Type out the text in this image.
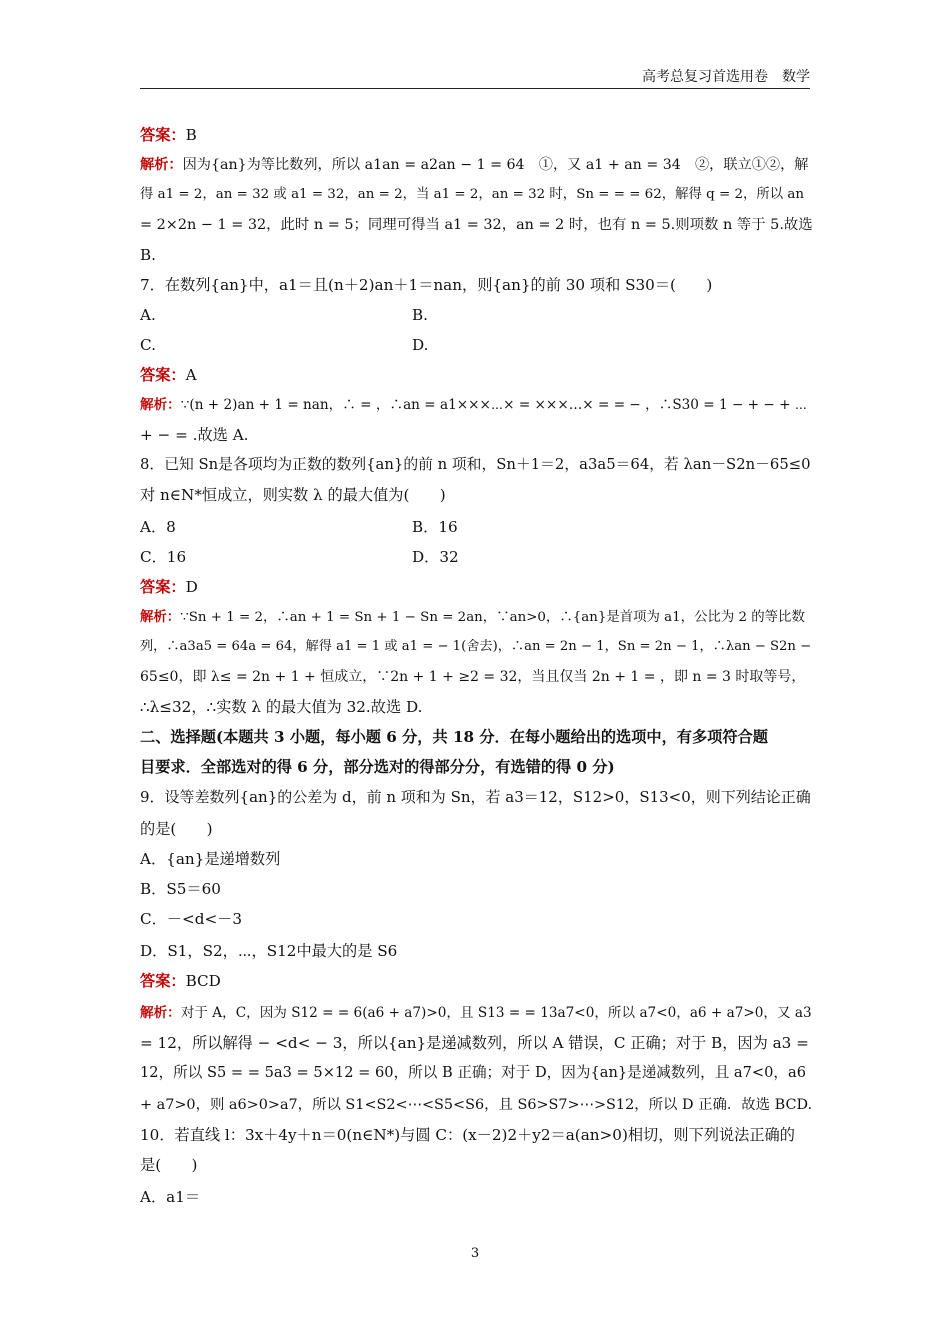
高考总复习首选用卷　数学
答案：B
解析：因为{an}为等比数列，所以 a1an = a2an − 1 = 64　①，又 a1 + an = 34　②，联立①②，解
得 a1 = 2，an = 32 或 a1 = 32，an = 2，当 a1 = 2，an = 32 时，Sn = = = 62，解得 q = 2，所以 an
= 2×2n − 1 = 32，此时 n = 5；同理可得当 a1 = 32，an = 2 时，也有 n = 5.则项数 n 等于 5.故选
B.
7．在数列{an}中，a1＝且(n＋2)an＋1＝nan，则{an}的前 30 项和 S30＝(　　)
A.	B.
C.	D.
答案：A
解析：∵(n + 2)an + 1 = nan，∴ = ，∴an = a1×××⋯× = ×××…× = = − ，∴S30 = 1 − + − + ⋯
+ − = .故选 A.
8．已知 Sn是各项均为正数的数列{an}的前 n 项和，Sn＋1＝2，a3a5＝64，若 λan－S2n－65≤0
对 n∈N*恒成立，则实数 λ 的最大值为(　　)
A．8	B．16
C．16	D．32
答案：D
解析：∵Sn + 1 = 2，∴an + 1 = Sn + 1 − Sn = 2an，∵an>0，∴{an}是首项为 a1，公比为 2 的等比数
列，∴a3a5 = 64a = 64，解得 a1 = 1 或 a1 = − 1(舍去)，∴an = 2n − 1，Sn = 2n − 1，∴λan − S2n −
65≤0，即 λ≤ = 2n + 1 + 恒成立，∵2n + 1 + ≥2 = 32，当且仅当 2n + 1 = ，即 n = 3 时取等号，
∴λ≤32，∴实数 λ 的最大值为 32.故选 D.
二、选择题(本题共 3 小题，每小题 6 分，共 18 分．在每小题给出的选项中，有多项符合题
目要求．全部选对的得 6 分，部分选对的得部分分，有选错的得 0 分)
9．设等差数列{an}的公差为 d，前 n 项和为 Sn，若 a3＝12，S12>0，S13<0，则下列结论正确
的是(　　)
A．{an}是递增数列
B．S5＝60
C．－<d<－3
D．S1，S2，⋯，S12中最大的是 S6
答案：BCD
解析：对于 A，C，因为 S12 = = 6(a6 + a7)>0，且 S13 = = 13a7<0，所以 a7<0，a6 + a7>0，又 a3
= 12，所以解得 − <d< − 3，所以{an}是递减数列，所以 A 错误，C 正确；对于 B，因为 a3 =
12，所以 S5 = = 5a3 = 5×12 = 60，所以 B 正确；对于 D，因为{an}是递减数列，且 a7<0，a6
+ a7>0，则 a6>0>a7，所以 S1<S2<⋯<S5<S6，且 S6>S7>⋯>S12，所以 D 正确．故选 BCD.
10．若直线 l：3x＋4y＋n＝0(n∈N*)与圆 C：(x－2)2＋y2＝a(an>0)相切，则下列说法正确的
是(　　)
A．a1＝
3
